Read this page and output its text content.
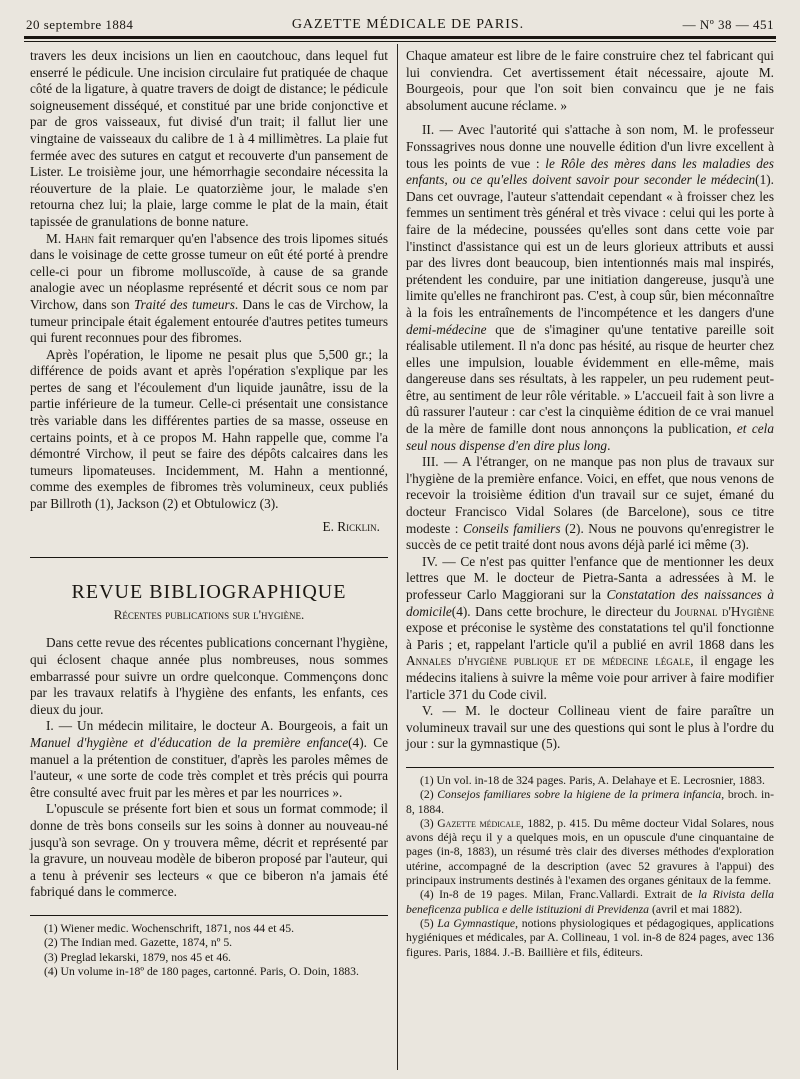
20 septembre 1884	GAZETTE MÉDICALE DE PARIS.	— Nº 38 — 451

travers les deux incisions un lien en caoutchouc, dans lequel fut enserré le pédicule. Une incision circulaire fut pratiquée de chaque côté de la ligature, à quatre travers de doigt de distance; le pédicule soigneusement disséqué, et constitué par une bride conjonctive et par de gros vaisseaux, fut divisé d'un trait; il fallut lier une vingtaine de vaisseaux du calibre de 1 à 4 millimètres. La plaie fut fermée avec des sutures en catgut et recouverte d'un pansement de Lister. Le troisième jour, une hémorrhagie secondaire nécessita la réouverture de la plaie. Le quatorzième jour, le malade s'en retourna chez lui; la plaie, large comme le plat de la main, était tapissée de granulations de bonne nature.

M. Hahn fait remarquer qu'en l'absence des trois lipomes situés dans le voisinage de cette grosse tumeur on eût été porté à prendre celle-ci pour un fibrome molluscoïde, à cause de sa grande analogie avec un néoplasme représenté et décrit sous ce nom par Virchow, dans son Traité des tumeurs. Dans le cas de Virchow, la tumeur principale était également entourée d'autres petites tumeurs qui furent reconnues pour des fibromes.

Après l'opération, le lipome ne pesait plus que 5,500 gr.; la différence de poids avant et après l'opération s'explique par les pertes de sang et l'écoulement d'un liquide jaunâtre, issu de la partie inférieure de la tumeur. Celle-ci présentait une consistance très variable dans les différentes parties de sa masse, osseuse en certains points, et à ce propos M. Hahn rappelle que, comme l'a démontré Virchow, il peut se faire des dépôts calcaires dans les tumeurs lipomateuses. Incidemment, M. Hahn a mentionné, comme des exemples de fibromes très volumineux, ceux publiés par Billroth (1), Jackson (2) et Obtulowicz (3).

E. Ricklin.
REVUE BIBLIOGRAPHIQUE
Récentes publications sur l'hygiène.

Dans cette revue des récentes publications concernant l'hygiène, qui éclosent chaque année plus nombreuses, nous sommes embarrassé pour suivre un ordre quelconque. Commençons donc par les travaux relatifs à l'hygiène des enfants, les enfants, ces dieux du jour.

I. — Un médecin militaire, le docteur A. Bourgeois, a fait un Manuel d'hygiène et d'éducation de la première enfance(4). Ce manuel a la prétention de constituer, d'après les paroles mêmes de l'auteur, « une sorte de code très complet et très précis qui pourra être consulté avec fruit par les mères et par les nourrices ».

L'opuscule se présente fort bien et sous un format commode; il donne de très bons conseils sur les soins à donner au nouveau-né jusqu'à son sevrage. On y trouvera même, décrit et représenté par la gravure, un nouveau modèle de biberon proposé par l'auteur, qui a tenu à prévenir ses lecteurs « que ce biberon n'a jamais été fabriqué dans le commerce.

(1) Wiener medic. Wochenschrift, 1871, nos 44 et 45.

(2) The Indian med. Gazette, 1874, nº 5.

(3) Preglad lekarski, 1879, nos 45 et 46.

(4) Un volume in-18º de 180 pages, cartonné. Paris, O. Doin, 1883.

Chaque amateur est libre de le faire construire chez tel fabricant qui lui conviendra. Cet avertissement était nécessaire, ajoute M. Bourgeois, pour que l'on soit bien convaincu que je ne fais absolument aucune réclame. »

II. — Avec l'autorité qui s'attache à son nom, M. le professeur Fonssagrives nous donne une nouvelle édition d'un livre excellent à tous les points de vue : le Rôle des mères dans les maladies des enfants, ou ce qu'elles doivent savoir pour seconder le médecin(1). Dans cet ouvrage, l'auteur s'attendait cependant « à froisser chez les femmes un sentiment très général et très vivace : celui qui les porte à faire de la médecine, poussées qu'elles sont dans cette voie par l'instinct d'assistance qui est un de leurs glorieux attributs et aussi par des livres dont beaucoup, bien intentionnés mais mal inspirés, prétendent les conduire, par une initiation dangereuse, jusqu'à une limite qu'elles ne franchiront pas. C'est, à coup sûr, bien méconnaître à la fois les entraînements de l'incompétence et les dangers d'une demi-médecine que de s'imaginer qu'une tentative pareille soit réalisable utilement. Il n'a donc pas hésité, au risque de heurter chez elles une impulsion, louable évidemment en elle-même, mais dangereuse dans ses résultats, à les rappeler, un peu rudement peut-être, au sentiment de leur rôle véritable. » L'accueil fait à son livre a dû rassurer l'auteur : car c'est la cinquième édition de ce vrai manuel de la mère de famille dont nous annonçons la publication, et cela seul nous dispense d'en dire plus long.

III. — A l'étranger, on ne manque pas non plus de travaux sur l'hygiène de la première enfance. Voici, en effet, que nous venons de recevoir la troisième édition d'un travail sur ce sujet, émané du docteur Francisco Vidal Solares (de Barcelone), sous ce titre modeste : Conseils familiers (2). Nous ne pouvons qu'enregistrer le succès de ce petit traité dont nous avons déjà parlé ici même (3).

IV. — Ce n'est pas quitter l'enfance que de mentionner les deux lettres que M. le docteur de Pietra-Santa a adressées à M. le professeur Carlo Maggiorani sur la Constatation des naissances à domicile(4). Dans cette brochure, le directeur du Journal d'Hygiène expose et préconise le système des constatations tel qu'il fonctionne à Paris ; et, rappelant l'article qu'il a publié en avril 1868 dans les Annales d'hygiène publique et de médecine légale, il engage les médecins italiens à suivre la même voie pour arriver à faire modifier l'article 371 du Code civil.

V. — M. le docteur Collineau vient de faire paraître un volumineux travail sur une des questions qui sont le plus à l'ordre du jour : sur la gymnastique (5).

(1) Un vol. in-18 de 324 pages. Paris, A. Delahaye et E. Lecrosnier, 1883.

(2) Consejos familiares sobre la higiene de la primera infancia, broch. in-8, 1884.

(3) Gazette médicale, 1882, p. 415. Du même docteur Vidal Solares, nous avons déjà reçu il y a quelques mois, en un opuscule d'une cinquantaine de pages (in-8, 1883), un résumé très clair des diverses méthodes d'exploration utérine, accompagné de la description (avec 52 gravures à l'appui) des principaux instruments destinés à l'examen des organes génitaux de la femme.

(4) In-8 de 19 pages. Milan, Franc.Vallardi. Extrait de la Rivista della beneficenza publica e delle istituzioni di Previdenza (avril et mai 1882).

(5) La Gymnastique, notions physiologiques et pédagogiques, applications hygiéniques et médicales, par A. Collineau, 1 vol. in-8 de 824 pages, avec 136 figures. Paris, 1884. J.-B. Baillière et fils, éditeurs.
